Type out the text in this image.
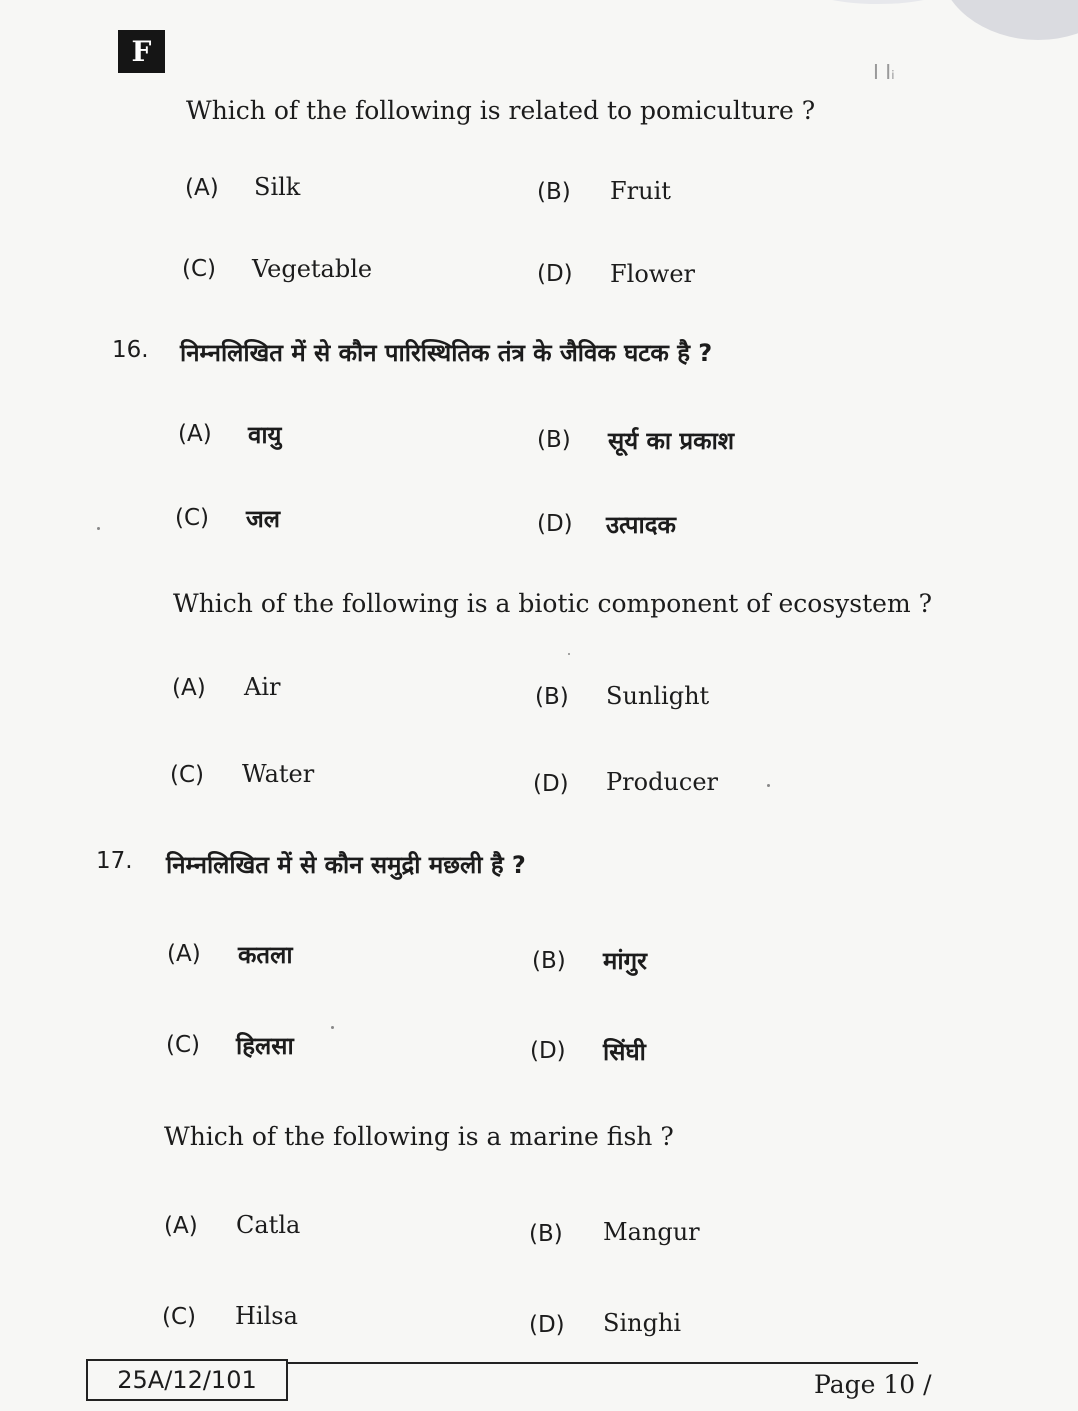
F
I Iᵢ
Which of the following is related to pomiculture ?
(A) Silk	(B) Fruit
(C) Vegetable	(D) Flower
16. निम्नलिखित में से कौन पारिस्थितिक तंत्र के जैविक घटक है ?
(A) वायु	(B) सूर्य का प्रकाश
(C) जल	(D) उत्पादक
Which of the following is a biotic component of ecosystem ?
(A) Air	(B) Sunlight
(C) Water	(D) Producer
17. निम्नलिखित में से कौन समुद्री मछली है ?
(A) कतला	(B) मांगुर
(C) हिलसा	(D) सिंघी
Which of the following is a marine fish ?
(A) Catla	(B) Mangur
(C) Hilsa	(D) Singhi
25A/12/101	Page 10 /
